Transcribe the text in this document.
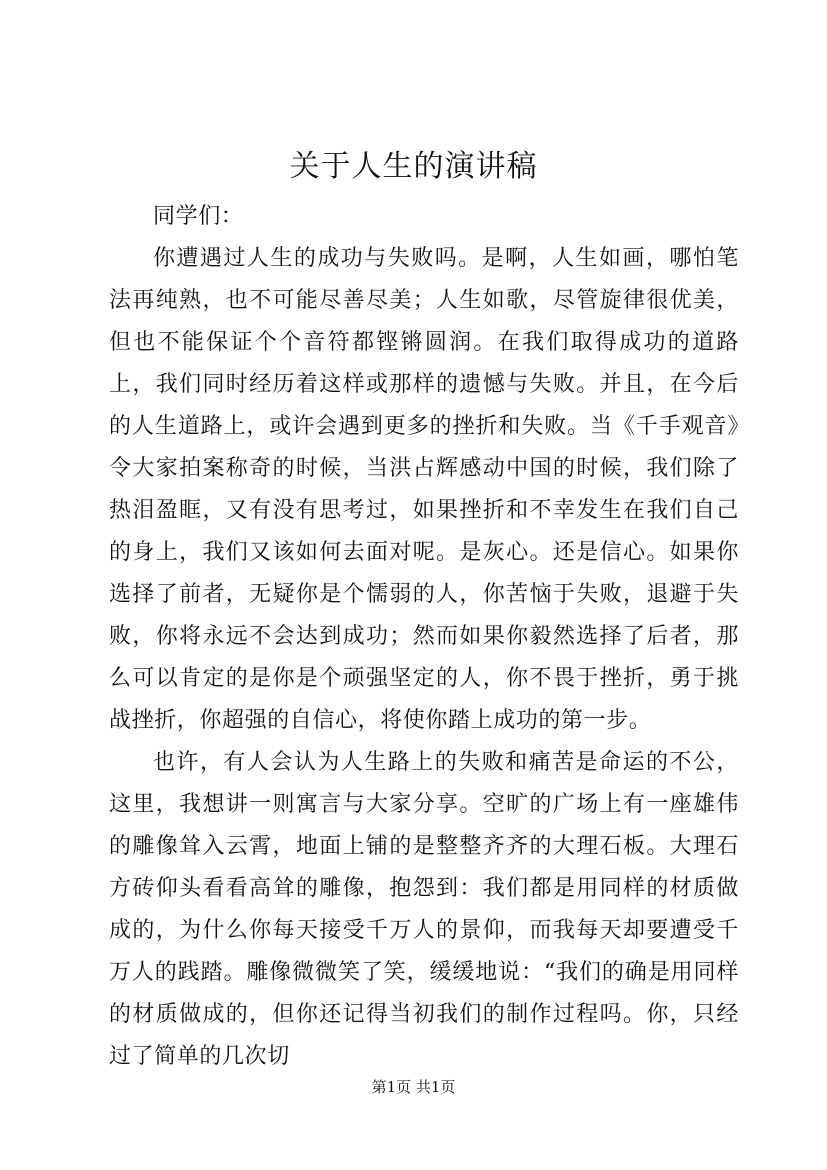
关于人生的演讲稿

同学们：

你遭遇过人生的成功与失败吗。是啊，人生如画，哪怕笔法再纯熟，也不可能尽善尽美；人生如歌，尽管旋律很优美，但也不能保证个个音符都铿锵圆润。在我们取得成功的道路上，我们同时经历着这样或那样的遗憾与失败。并且，在今后的人生道路上，或许会遇到更多的挫折和失败。当《千手观音》令大家拍案称奇的时候，当洪占辉感动中国的时候，我们除了热泪盈眶，又有没有思考过，如果挫折和不幸发生在我们自己的身上，我们又该如何去面对呢。是灰心。还是信心。如果你选择了前者，无疑你是个懦弱的人，你苦恼于失败，退避于失败，你将永远不会达到成功；然而如果你毅然选择了后者，那么可以肯定的是你是个顽强坚定的人，你不畏于挫折，勇于挑战挫折，你超强的自信心，将使你踏上成功的第一步。

也许，有人会认为人生路上的失败和痛苦是命运的不公，这里，我想讲一则寓言与大家分享。空旷的广场上有一座雄伟的雕像耸入云霄，地面上铺的是整整齐齐的大理石板。大理石方砖仰头看看高耸的雕像，抱怨到：我们都是用同样的材质做成的，为什么你每天接受千万人的景仰，而我每天却要遭受千万人的践踏。雕像微微笑了笑，缓缓地说：“我们的确是用同样的材质做成的，但你还记得当初我们的制作过程吗。你，只经过了简单的几次切

第1页 共1页
